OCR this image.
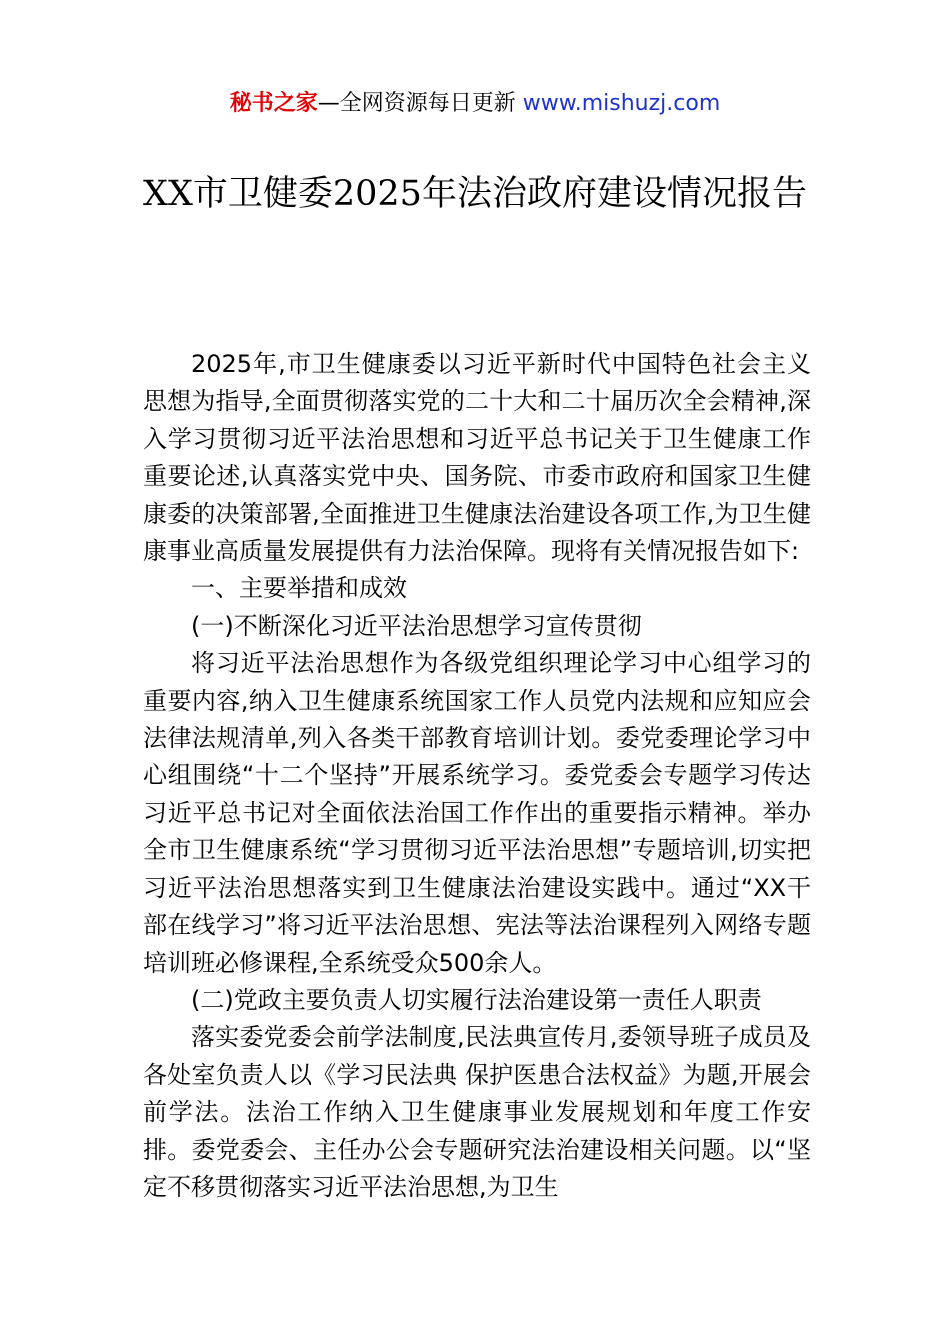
秘书之家—全网资源每日更新 www.mishuzj.com
XX市卫健委2025年法治政府建设情况报告

2025年,市卫生健康委以习近平新时代中国特色社会主义思想为指导,全面贯彻落实党的二十大和二十届历次全会精神,深入学习贯彻习近平法治思想和习近平总书记关于卫生健康工作重要论述,认真落实党中央、国务院、市委市政府和国家卫生健康委的决策部署,全面推进卫生健康法治建设各项工作,为卫生健康事业高质量发展提供有力法治保障。现将有关情况报告如下:

一、主要举措和成效

(一)不断深化习近平法治思想学习宣传贯彻

将习近平法治思想作为各级党组织理论学习中心组学习的重要内容,纳入卫生健康系统国家工作人员党内法规和应知应会法律法规清单,列入各类干部教育培训计划。委党委理论学习中心组围绕“十二个坚持”开展系统学习。委党委会专题学习传达习近平总书记对全面依法治国工作作出的重要指示精神。举办全市卫生健康系统“学习贯彻习近平法治思想”专题培训,切实把习近平法治思想落实到卫生健康法治建设实践中。通过“XX干部在线学习”将习近平法治思想、宪法等法治课程列入网络专题培训班必修课程,全系统受众500余人。

(二)党政主要负责人切实履行法治建设第一责任人职责

落实委党委会前学法制度,民法典宣传月,委领导班子成员及各处室负责人以《学习民法典 保护医患合法权益》为题,开展会前学法。法治工作纳入卫生健康事业发展规划和年度工作安排。委党委会、主任办公会专题研究法治建设相关问题。以“坚定不移贯彻落实习近平法治思想,为卫生
